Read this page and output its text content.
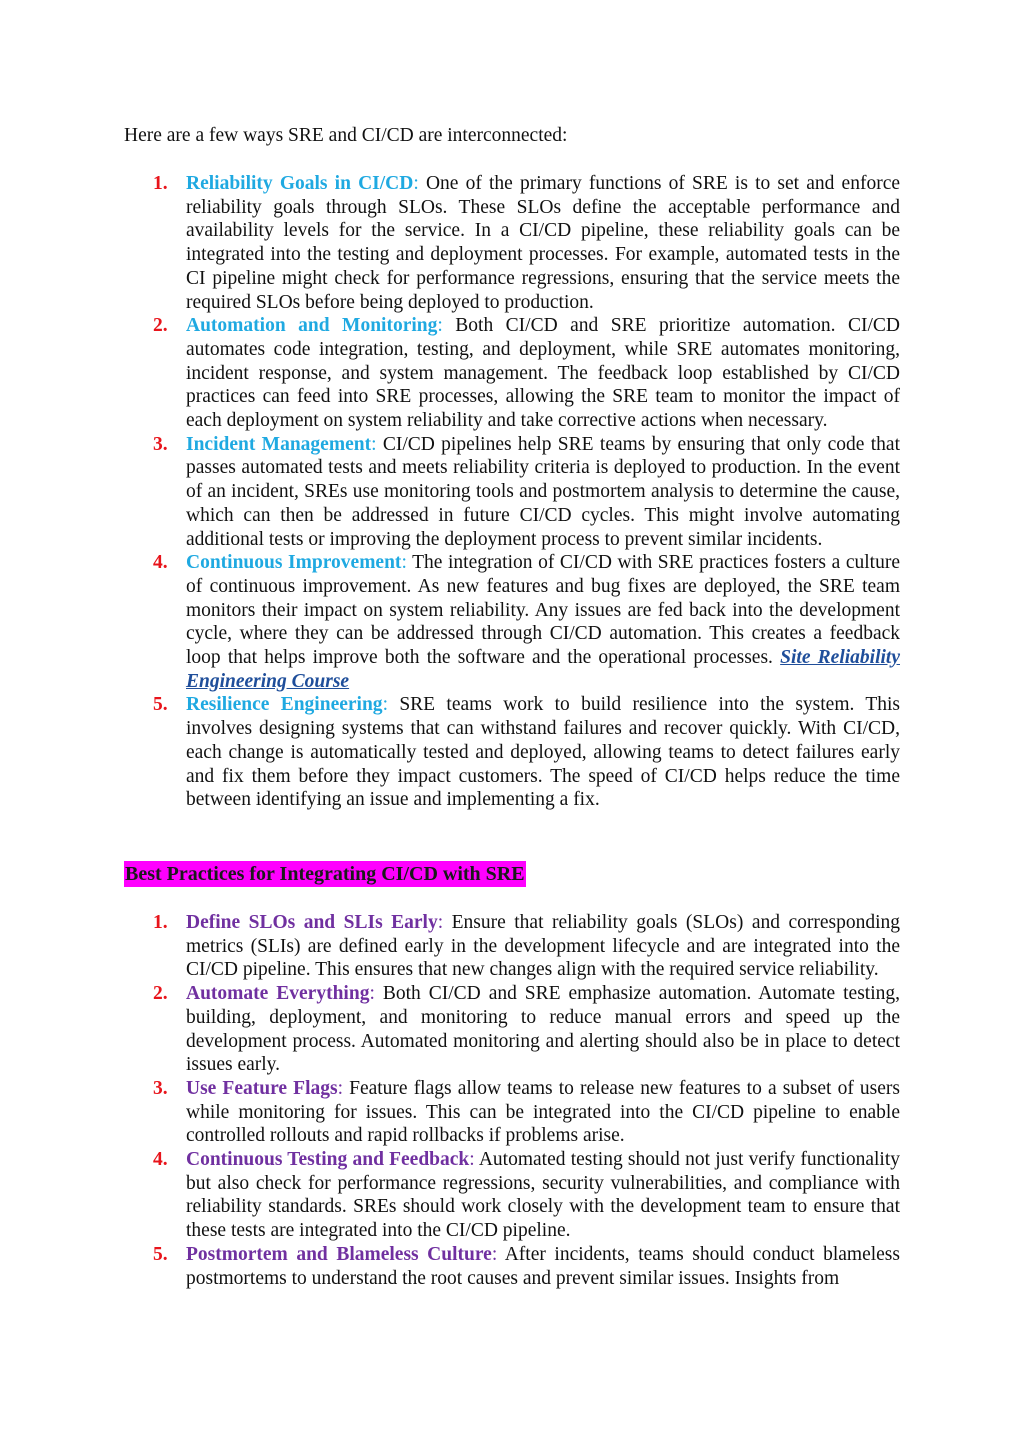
Here are a few ways SRE and CI/CD are interconnected:

1. Reliability Goals in CI/CD: One of the primary functions of SRE is to set and enforce reliability goals through SLOs. These SLOs define the acceptable performance and availability levels for the service. In a CI/CD pipeline, these reliability goals can be integrated into the testing and deployment processes. For example, automated tests in the CI pipeline might check for performance regressions, ensuring that the service meets the required SLOs before being deployed to production.
2. Automation and Monitoring: Both CI/CD and SRE prioritize automation. CI/CD automates code integration, testing, and deployment, while SRE automates monitoring, incident response, and system management. The feedback loop established by CI/CD practices can feed into SRE processes, allowing the SRE team to monitor the impact of each deployment on system reliability and take corrective actions when necessary.
3. Incident Management: CI/CD pipelines help SRE teams by ensuring that only code that passes automated tests and meets reliability criteria is deployed to production. In the event of an incident, SREs use monitoring tools and postmortem analysis to determine the cause, which can then be addressed in future CI/CD cycles. This might involve automating additional tests or improving the deployment process to prevent similar incidents.
4. Continuous Improvement: The integration of CI/CD with SRE practices fosters a culture of continuous improvement. As new features and bug fixes are deployed, the SRE team monitors their impact on system reliability. Any issues are fed back into the development cycle, where they can be addressed through CI/CD automation. This creates a feedback loop that helps improve both the software and the operational processes. Site Reliability Engineering Course
5. Resilience Engineering: SRE teams work to build resilience into the system. This involves designing systems that can withstand failures and recover quickly. With CI/CD, each change is automatically tested and deployed, allowing teams to detect failures early and fix them before they impact customers. The speed of CI/CD helps reduce the time between identifying an issue and implementing a fix.
Best Practices for Integrating CI/CD with SRE
1. Define SLOs and SLIs Early: Ensure that reliability goals (SLOs) and corresponding metrics (SLIs) are defined early in the development lifecycle and are integrated into the CI/CD pipeline. This ensures that new changes align with the required service reliability.
2. Automate Everything: Both CI/CD and SRE emphasize automation. Automate testing, building, deployment, and monitoring to reduce manual errors and speed up the development process. Automated monitoring and alerting should also be in place to detect issues early.
3. Use Feature Flags: Feature flags allow teams to release new features to a subset of users while monitoring for issues. This can be integrated into the CI/CD pipeline to enable controlled rollouts and rapid rollbacks if problems arise.
4. Continuous Testing and Feedback: Automated testing should not just verify functionality but also check for performance regressions, security vulnerabilities, and compliance with reliability standards. SREs should work closely with the development team to ensure that these tests are integrated into the CI/CD pipeline.
5. Postmortem and Blameless Culture: After incidents, teams should conduct blameless postmortems to understand the root causes and prevent similar issues. Insights from
